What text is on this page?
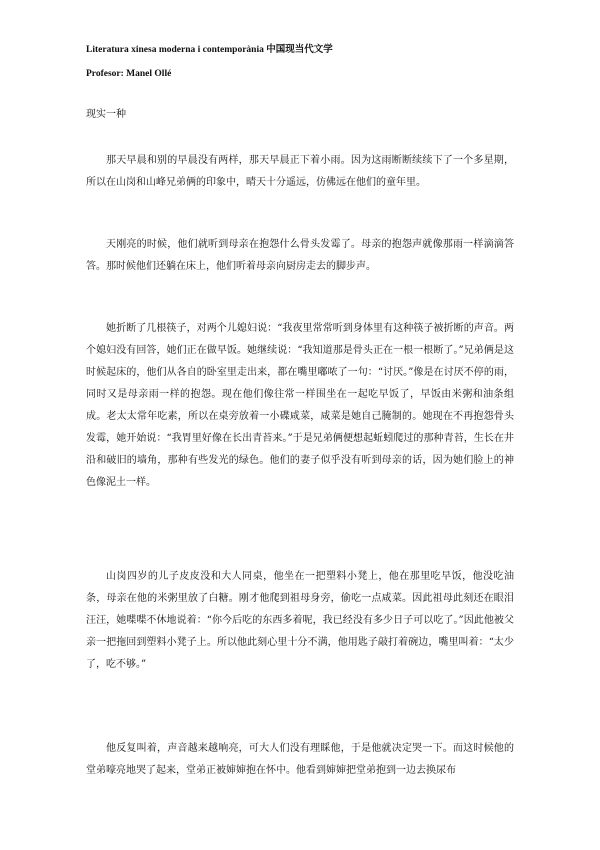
Literatura xinesa moderna i contemporània 中国现当代文学
Profesor: Manel Ollé
现实一种

那天早晨和别的早晨没有两样，那天早晨正下着小雨。因为这雨断断续续下了一个多星期，所以在山岗和山峰兄弟俩的印象中，晴天十分遥远，仿佛远在他们的童年里。

天刚亮的时候，他们就听到母亲在抱怨什么骨头发霉了。母亲的抱怨声就像那雨一样滴滴答答。那时候他们还躺在床上，他们听着母亲向厨房走去的脚步声。

她折断了几根筷子，对两个儿媳妇说：“我夜里常常听到身体里有这种筷子被折断的声音。两个媳妇没有回答，她们正在做早饭。她继续说：“我知道那是骨头正在一根一根断了。”兄弟俩是这时候起床的，他们从各自的卧室里走出来，都在嘴里嘟哝了一句：“讨厌。”像是在讨厌不停的雨，同时又是母亲雨一样的抱怨。现在他们像往常一样围坐在一起吃早饭了，早饭由米粥和油条组成。老太太常年吃素，所以在桌旁放着一小碟咸菜，咸菜是她自己腌制的。她现在不再抱怨骨头发霉，她开始说：“我胃里好像在长出青苔来。”于是兄弟俩便想起蚯蚓爬过的那种青苔，生长在井沿和破旧的墙角，那种有些发光的绿色。他们的妻子似乎没有听到母亲的话，因为她们脸上的神色像泥土一样。

山岗四岁的儿子皮皮没和大人同桌，他坐在一把塑料小凳上，他在那里吃早饭，他没吃油条，母亲在他的米粥里放了白糖。刚才他爬到祖母身旁，偷吃一点咸菜。因此祖母此刻还在眼泪汪汪，她喋喋不休地说着：“你今后吃的东西多着呢，我已经没有多少日子可以吃了。”因此他被父亲一把拖回到塑料小凳子上。所以他此刻心里十分不满，他用匙子敲打着碗边，嘴里叫着：“太少了，吃不够。”

他反复叫着，声音越来越响亮，可大人们没有理睬他，于是他就决定哭一下。而这时候他的堂弟嚎亮地哭了起来，堂弟正被婶婶抱在怀中。他看到婶婶把堂弟抱到一边去换尿布
